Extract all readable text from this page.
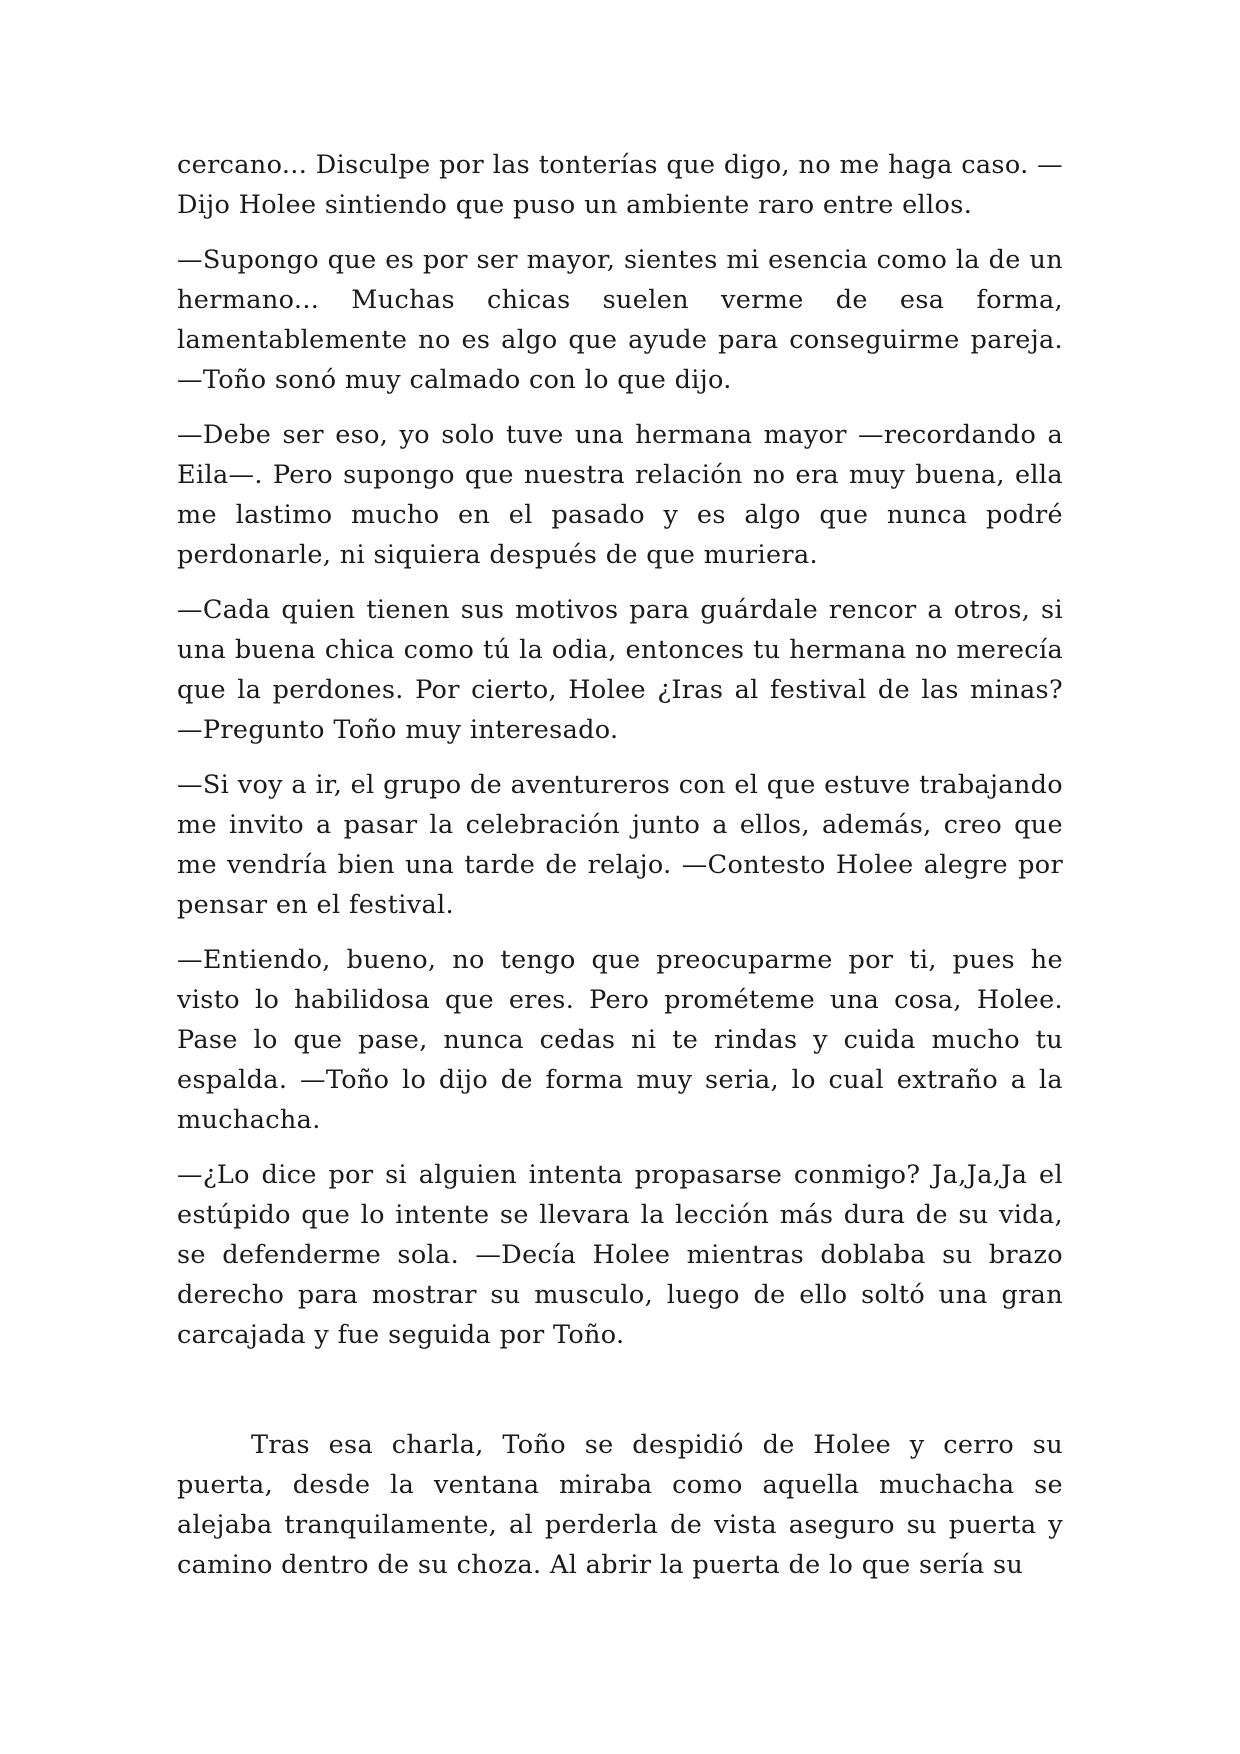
cercano... Disculpe por las tonterías que digo, no me haga caso. —Dijo Holee sintiendo que puso un ambiente raro entre ellos.

—Supongo que es por ser mayor, sientes mi esencia como la de un hermano... Muchas chicas suelen verme de esa forma, lamentablemente no es algo que ayude para conseguirme pareja. —Toño sonó muy calmado con lo que dijo.

—Debe ser eso, yo solo tuve una hermana mayor —recordando a Eila—. Pero supongo que nuestra relación no era muy buena, ella me lastimo mucho en el pasado y es algo que nunca podré perdonarle, ni siquiera después de que muriera.

—Cada quien tienen sus motivos para guárdale rencor a otros, si una buena chica como tú la odia, entonces tu hermana no merecía que la perdones. Por cierto, Holee ¿Iras al festival de las minas? —Pregunto Toño muy interesado.

—Si voy a ir, el grupo de aventureros con el que estuve trabajando me invito a pasar la celebración junto a ellos, además, creo que me vendría bien una tarde de relajo. —Contesto Holee alegre por pensar en el festival.

—Entiendo, bueno, no tengo que preocuparme por ti, pues he visto lo habilidosa que eres. Pero prométeme una cosa, Holee. Pase lo que pase, nunca cedas ni te rindas y cuida mucho tu espalda. —Toño lo dijo de forma muy seria, lo cual extraño a la muchacha.

—¿Lo dice por si alguien intenta propasarse conmigo? Ja,Ja,Ja el estúpido que lo intente se llevara la lección más dura de su vida, se defenderme sola. —Decía Holee mientras doblaba su brazo derecho para mostrar su musculo, luego de ello soltó una gran carcajada y fue seguida por Toño.

Tras esa charla, Toño se despidió de Holee y cerro su puerta, desde la ventana miraba como aquella muchacha se alejaba tranquilamente, al perderla de vista aseguro su puerta y camino dentro de su choza. Al abrir la puerta de lo que sería su
